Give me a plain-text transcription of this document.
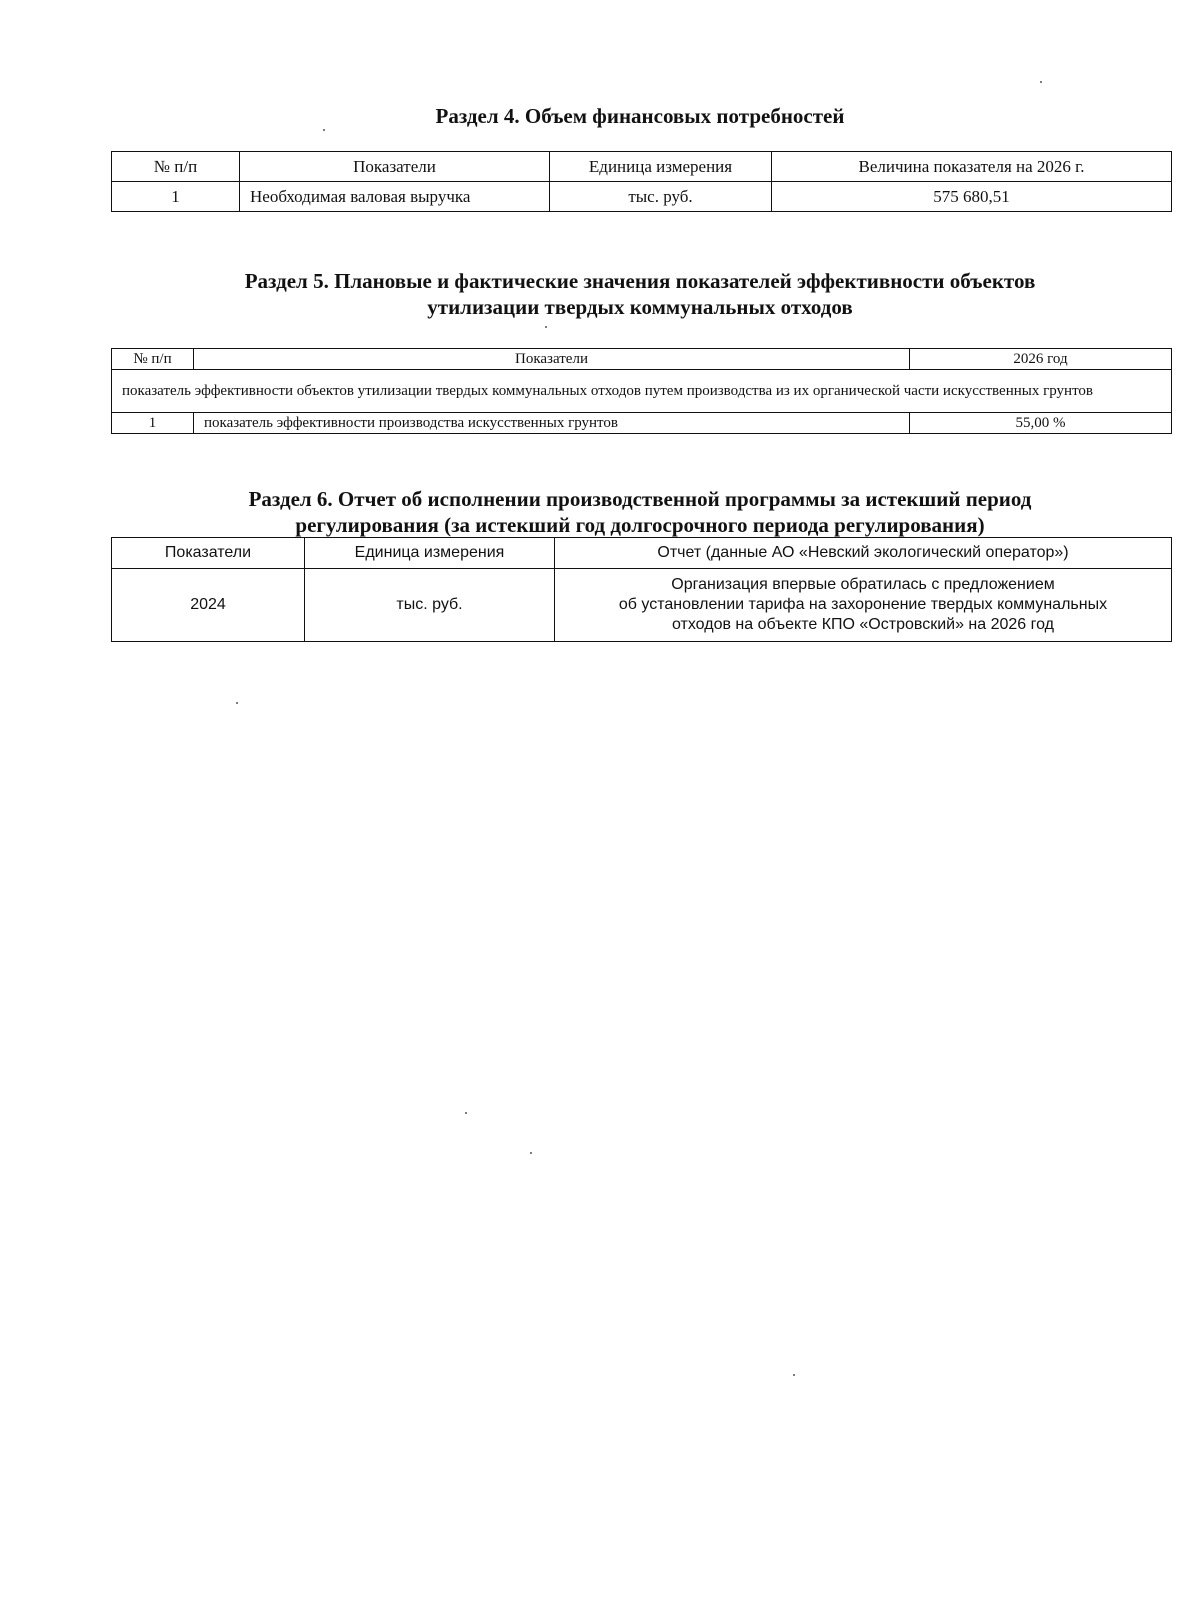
Раздел 4. Объем финансовых потребностей
№ п/п	Показатели	Единица измерения	Величина показателя на 2026 г.
1	Необходимая валовая выручка	тыс. руб.	575 680,51
Раздел 5. Плановые и фактические значения показателей эффективности объектов
утилизации твердых коммунальных отходов
№ п/п	Показатели	2026 год
показатель эффективности объектов утилизации твердых коммунальных отходов путем производства из их органической части искусственных грунтов		
1	показатель эффективности производства искусственных грунтов	55,00 %
Раздел 6. Отчет об исполнении производственной программы за истекший период
регулирования (за истекший год долгосрочного периода регулирования)
Показатели	Единица измерения	Отчет (данные АО «Невский экологический оператор»)
2024	тыс. руб.	Организация впервые обратилась с предложением
об установлении тарифа на захоронение твердых коммунальных
отходов на объекте КПО «Островский» на 2026 год
